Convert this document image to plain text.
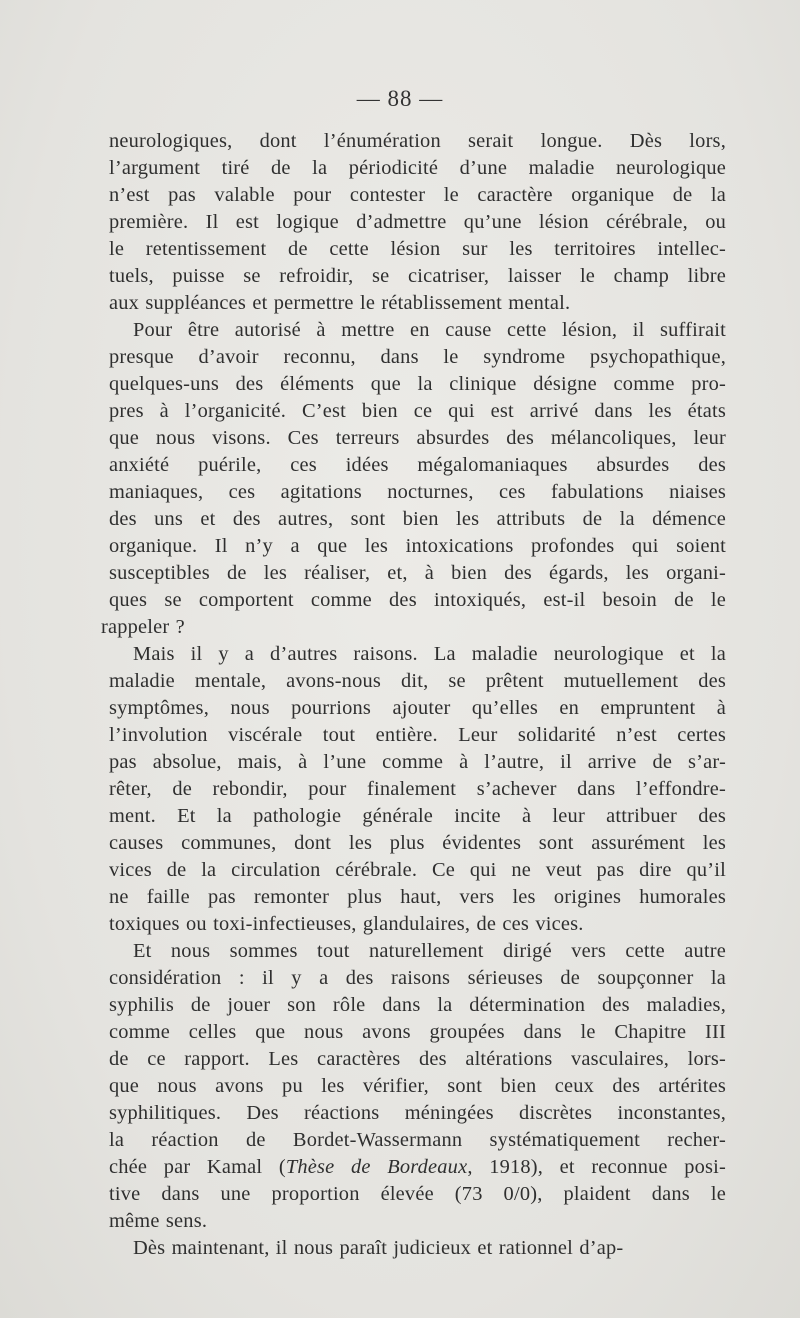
— 88 —
neurologiques, dont l’énumération serait longue. Dès lors,
l’argument tiré de la périodicité d’une maladie neurologique
n’est pas valable pour contester le caractère organique de la
première. Il est logique d’admettre qu’une lésion cérébrale, ou
le retentissement de cette lésion sur les territoires intellec-
tuels, puisse se refroidir, se cicatriser, laisser le champ libre
aux suppléances et permettre le rétablissement mental.
Pour être autorisé à mettre en cause cette lésion, il suffirait
presque d’avoir reconnu, dans le syndrome psychopathique,
quelques-uns des éléments que la clinique désigne comme pro-
pres à l’organicité. C’est bien ce qui est arrivé dans les états
que nous visons. Ces terreurs absurdes des mélancoliques, leur
anxiété puérile, ces idées mégalomaniaques absurdes des
maniaques, ces agitations nocturnes, ces fabulations niaises
des uns et des autres, sont bien les attributs de la démence
organique. Il n’y a que les intoxications profondes qui soient
susceptibles de les réaliser, et, à bien des égards, les organi-
ques se comportent comme des intoxiqués, est-il besoin de le
rappeler ?
Mais il y a d’autres raisons. La maladie neurologique et la
maladie mentale, avons-nous dit, se prêtent mutuellement des
symptômes, nous pourrions ajouter qu’elles en empruntent à
l’involution viscérale tout entière. Leur solidarité n’est certes
pas absolue, mais, à l’une comme à l’autre, il arrive de s’ar-
rêter, de rebondir, pour finalement s’achever dans l’effondre-
ment. Et la pathologie générale incite à leur attribuer des
causes communes, dont les plus évidentes sont assurément les
vices de la circulation cérébrale. Ce qui ne veut pas dire qu’il
ne faille pas remonter plus haut, vers les origines humorales
toxiques ou toxi-infectieuses, glandulaires, de ces vices.
Et nous sommes tout naturellement dirigé vers cette autre
considération : il y a des raisons sérieuses de soupçonner la
syphilis de jouer son rôle dans la détermination des maladies,
comme celles que nous avons groupées dans le Chapitre III
de ce rapport. Les caractères des altérations vasculaires, lors-
que nous avons pu les vérifier, sont bien ceux des artérites
syphilitiques. Des réactions méningées discrètes inconstantes,
la réaction de Bordet-Wassermann systématiquement recher-
chée par Kamal (Thèse de Bordeaux, 1918), et reconnue posi-
tive dans une proportion élevée (73 0/0), plaident dans le
même sens.
Dès maintenant, il nous paraît judicieux et rationnel d’ap-
